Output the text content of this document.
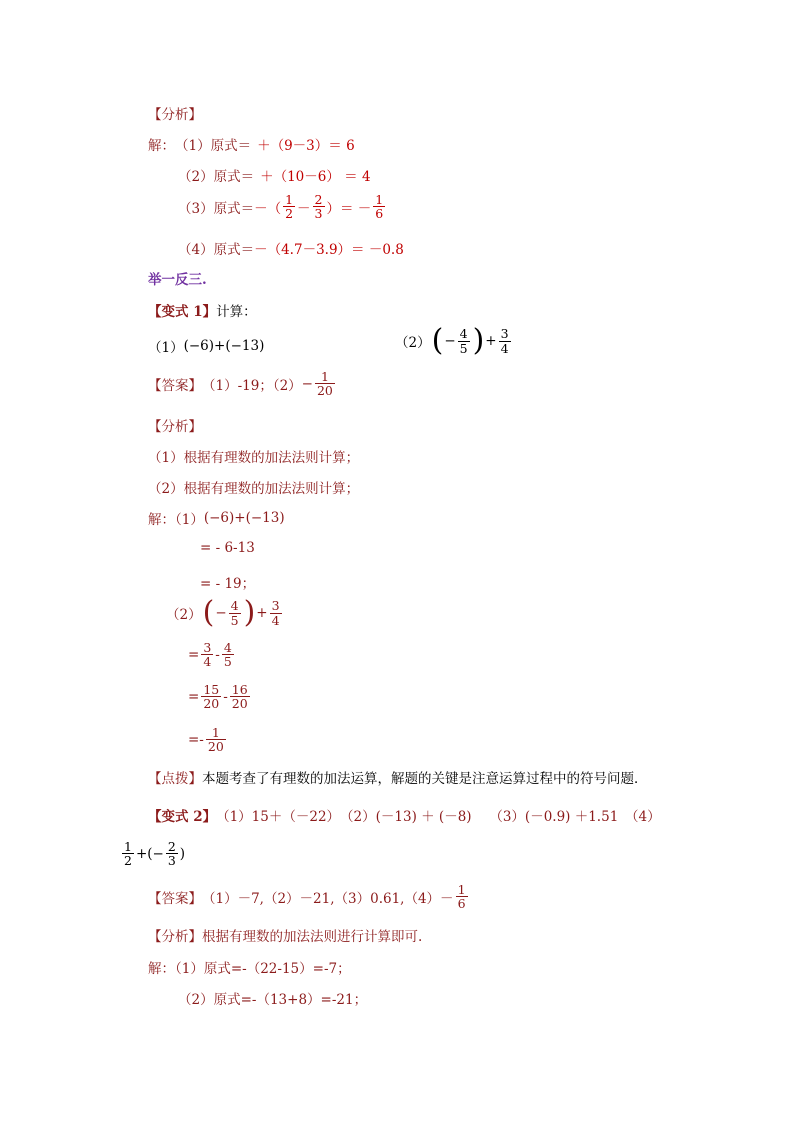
【分析】
解： （1）原式＝ ＋（9－3）＝ 6
（2）原式＝ ＋（10－6） ＝ 4
（3）原式＝ －（ $\frac{1}{2} - \frac{2}{3}$ ）＝ － $\frac{1}{6}$
（4）原式＝ －（4.7－3.9）＝ －0.8
举一反三.
【变式 1】 计算：
（1） (−6)+(−13)	（2） ( − $\frac{4}{5}$ ) + $\frac{3}{4}$
【答案】 （1）-19；$(2) - \frac{1}{20}$
【分析】
（1）根据有理数的加法法则计算；
（2）根据有理数的加法法则计算；
解：（1） (−6)+(−13)
= - 6-13
= - 19；
（2） ( − $\frac{4}{5}$ ) + $\frac{3}{4}$
= $\frac{3}{4} - \frac{4}{5}$
= $\frac{15}{20} - \frac{16}{20}$
=- $\frac{1}{20}$
【点拨】 本题考查了有理数的加法运算，解题的关键是注意运算过程中的符号问题．
【变式 2】 （1）15＋（－22）　（2）(－13) ＋ (－8)　 （3）(－0.9) ＋1.51　（4）
$\frac{1}{2}$ +(− $\frac{2}{3}$ )
【答案】 $(1)-7,(2)-21,(3)0.61,(4)- \frac{1}{6}$
【分析】 根据有理数的加法法则进行计算即可.
解：（1）原式=-（22-15）=-7；
（2）原式=-（13+8）=-21；
